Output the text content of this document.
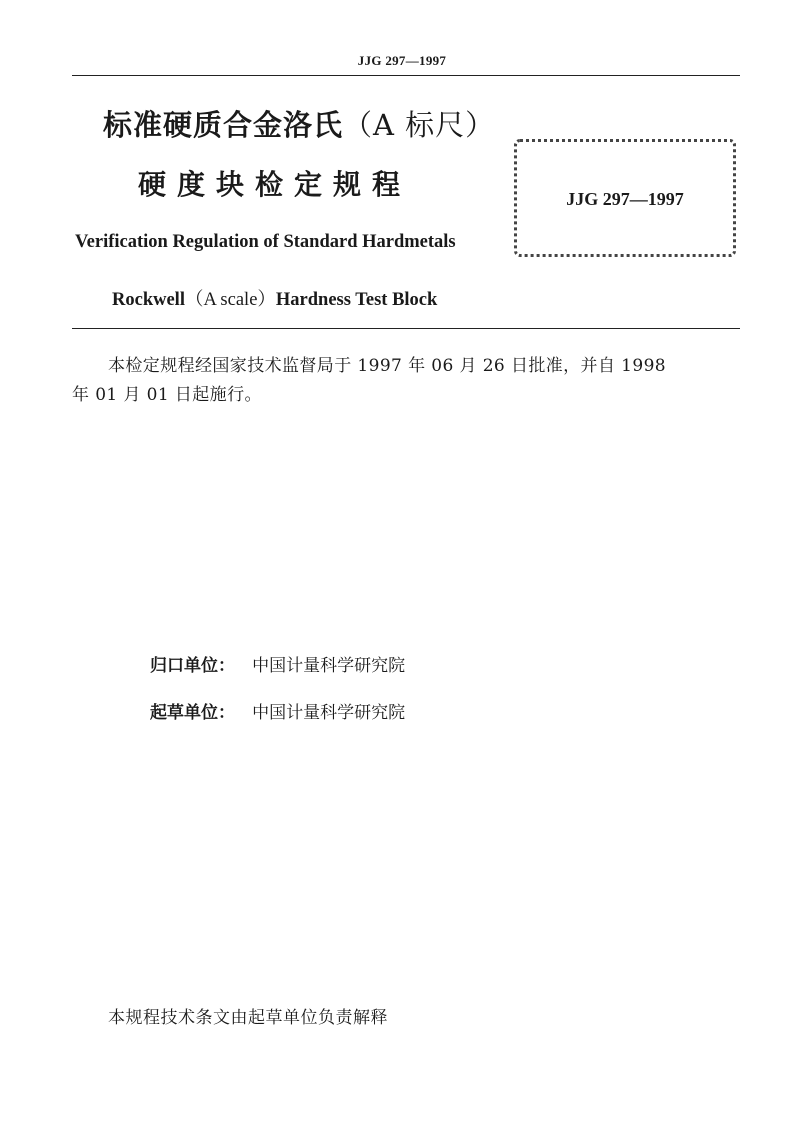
JJG 297—1997
标准硬质合金洛氏（A 标尺）
硬度块检定规程
Verification Regulation of Standard Hardmetals
Rockwell（A scale）Hardness Test Block
JJG 297—1997
本检定规程经国家技术监督局于 1997 年 06 月 26 日批准，并自 1998
年 01 月 01 日起施行。
归口单位： 中国计量科学研究院
起草单位： 中国计量科学研究院
本规程技术条文由起草单位负责解释
